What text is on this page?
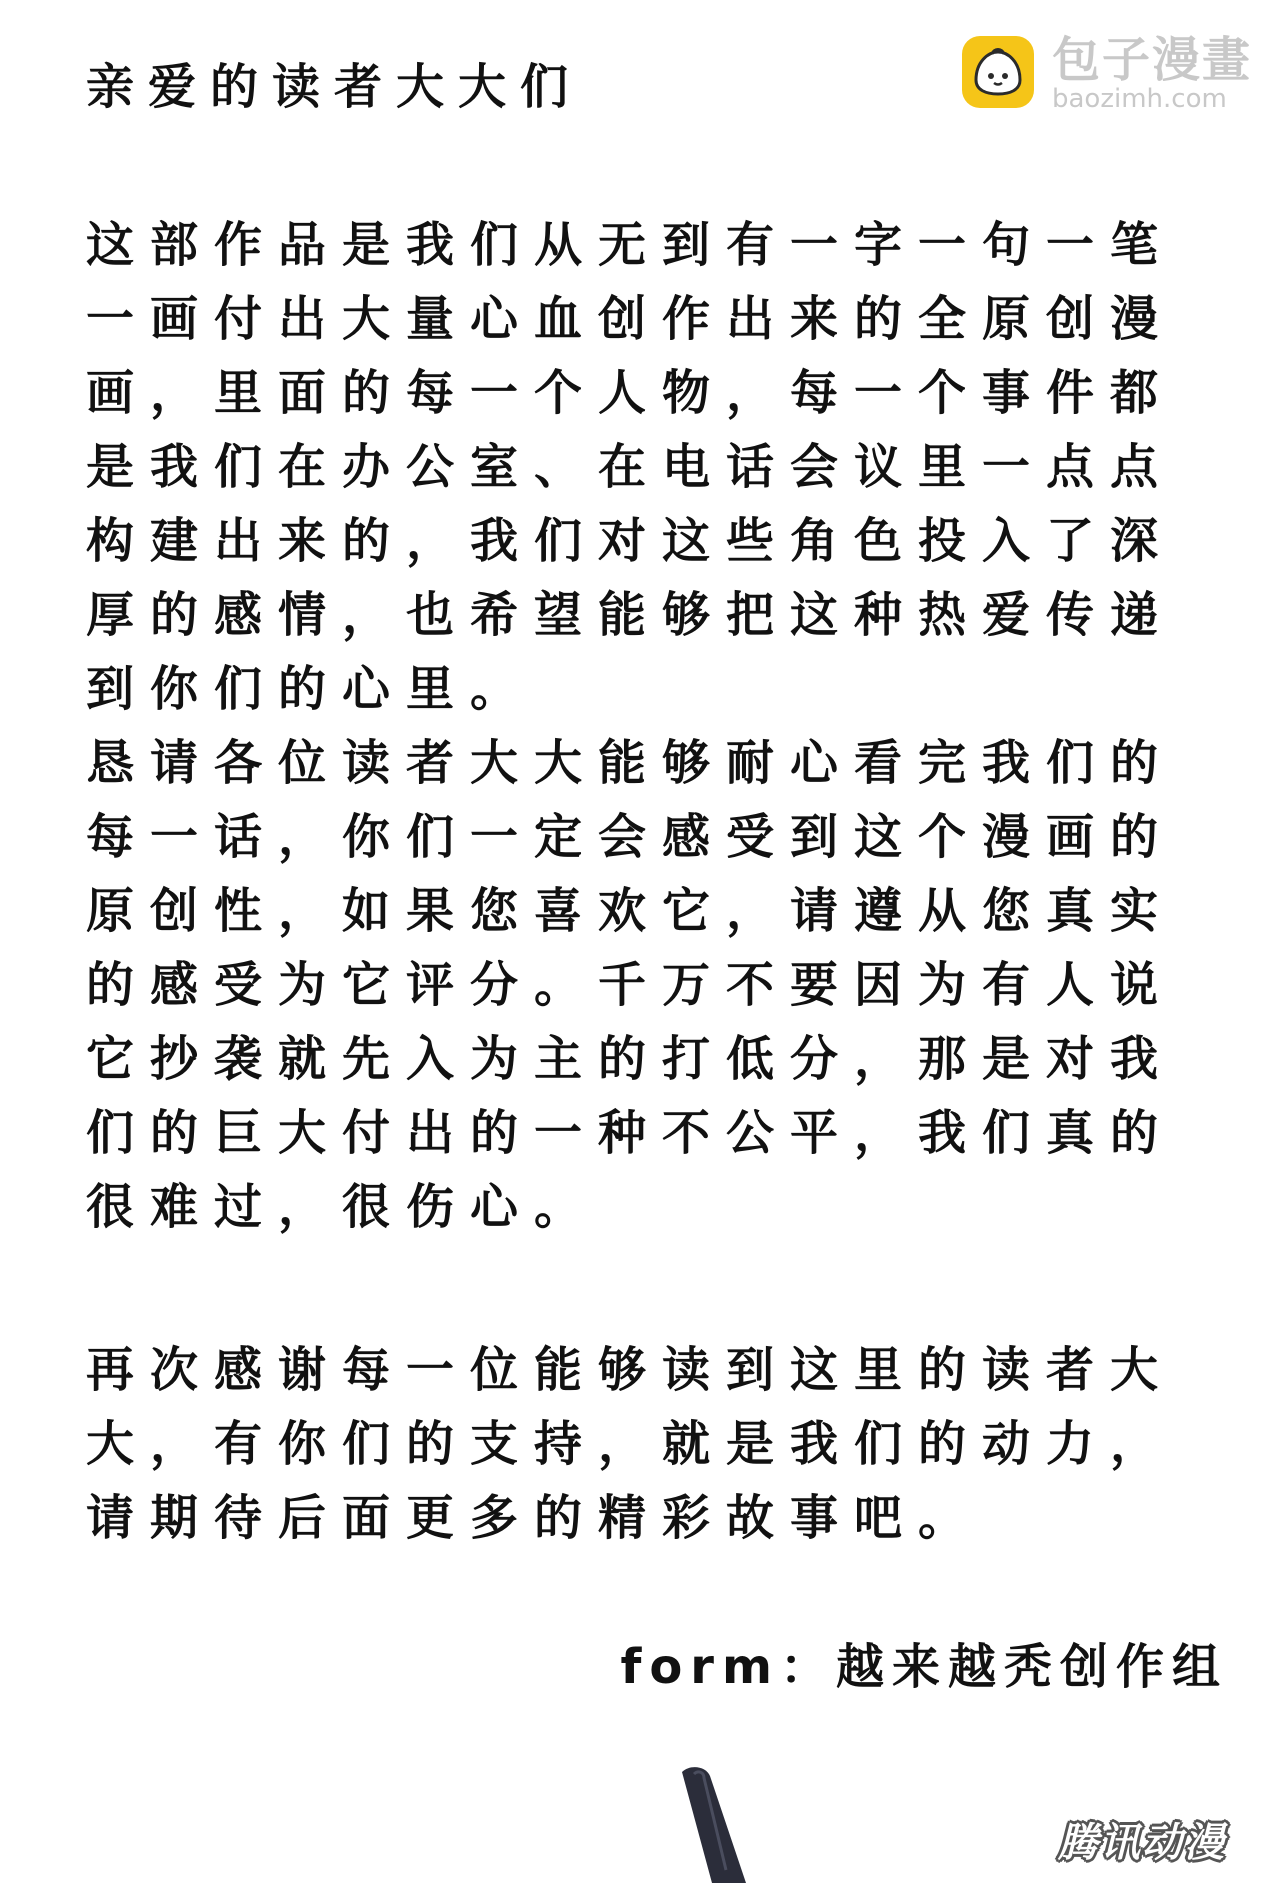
包子漫畫
baozimh.com
亲爱的读者大大们
这部作品是我们从无到有一字一句一笔
一画付出大量心血创作出来的全原创漫
画，里面的每一个人物，每一个事件都
是我们在办公室、在电话会议里一点点
构建出来的，我们对这些角色投入了深
厚的感情，也希望能够把这种热爱传递
到你们的心里。
恳请各位读者大大能够耐心看完我们的
每一话，你们一定会感受到这个漫画的
原创性，如果您喜欢它，请遵从您真实
的感受为它评分。千万不要因为有人说
它抄袭就先入为主的打低分，那是对我
们的巨大付出的一种不公平，我们真的
很难过，很伤心。
再次感谢每一位能够读到这里的读者大
大，有你们的支持，就是我们的动力，
请期待后面更多的精彩故事吧。
form：越来越秃创作组
腾讯动漫
